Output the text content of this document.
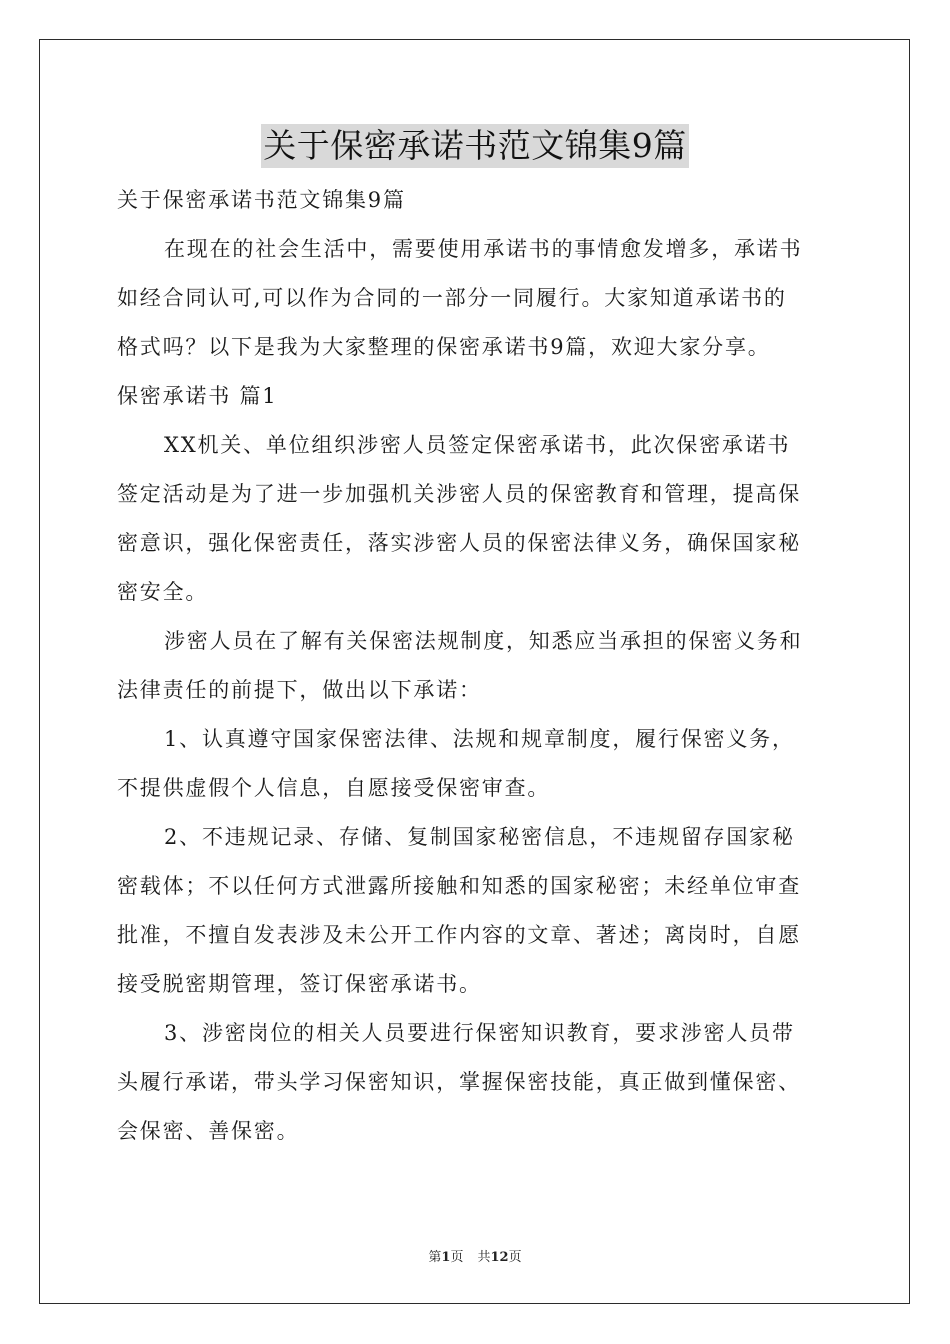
关于保密承诺书范文锦集9篇
关于保密承诺书范文锦集9篇
在现在的社会生活中，需要使用承诺书的事情愈发增多，承诺书
如经合同认可,可以作为合同的一部分一同履行。大家知道承诺书的
格式吗？以下是我为大家整理的保密承诺书9篇，欢迎大家分享。
保密承诺书 篇1
XX机关、单位组织涉密人员签定保密承诺书，此次保密承诺书
签定活动是为了进一步加强机关涉密人员的保密教育和管理，提高保
密意识，强化保密责任，落实涉密人员的保密法律义务，确保国家秘
密安全。
涉密人员在了解有关保密法规制度，知悉应当承担的保密义务和
法律责任的前提下，做出以下承诺：
1、认真遵守国家保密法律、法规和规章制度，履行保密义务，
不提供虚假个人信息，自愿接受保密审查。
2、不违规记录、存储、复制国家秘密信息，不违规留存国家秘
密载体；不以任何方式泄露所接触和知悉的国家秘密；未经单位审查
批准，不擅自发表涉及未公开工作内容的文章、著述；离岗时，自愿
接受脱密期管理，签订保密承诺书。
3、涉密岗位的相关人员要进行保密知识教育，要求涉密人员带
头履行承诺，带头学习保密知识，掌握保密技能，真正做到懂保密、
会保密、善保密。
第1页 共12页
